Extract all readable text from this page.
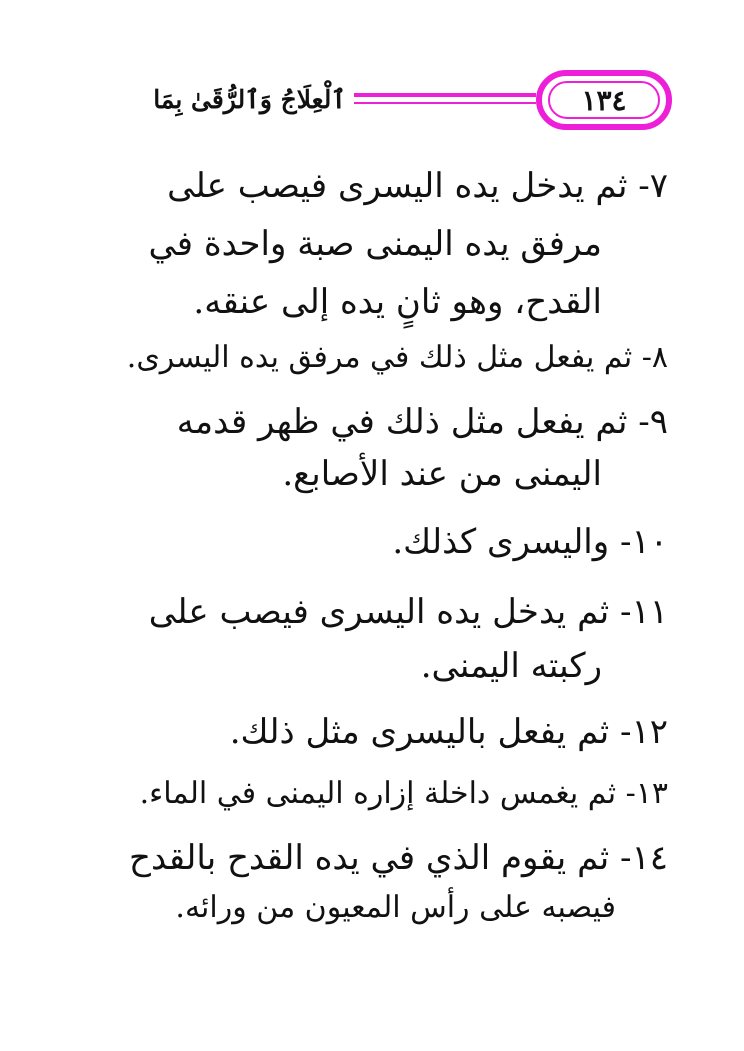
ٱلْعِلَاجُ وَٱلرُّقَىٰ بِمَا	١٣٤
٧- ثم يدخل يده اليسرى فيصب على
مرفق يده اليمنى صبة واحدة في
القدح، وهو ثانٍ يده إلى عنقه.
٨- ثم يفعل مثل ذلك في مرفق يده اليسرى.
٩- ثم يفعل مثل ذلك في ظهر قدمه
اليمنى من عند الأصابع.
١٠- واليسرى كذلك.
١١- ثم يدخل يده اليسرى فيصب على
ركبته اليمنى.
١٢- ثم يفعل باليسرى مثل ذلك.
١٣- ثم يغمس داخلة إزاره اليمنى في الماء.
١٤- ثم يقوم الذي في يده القدح بالقدح
فيصبه على رأس المعيون من ورائه.
